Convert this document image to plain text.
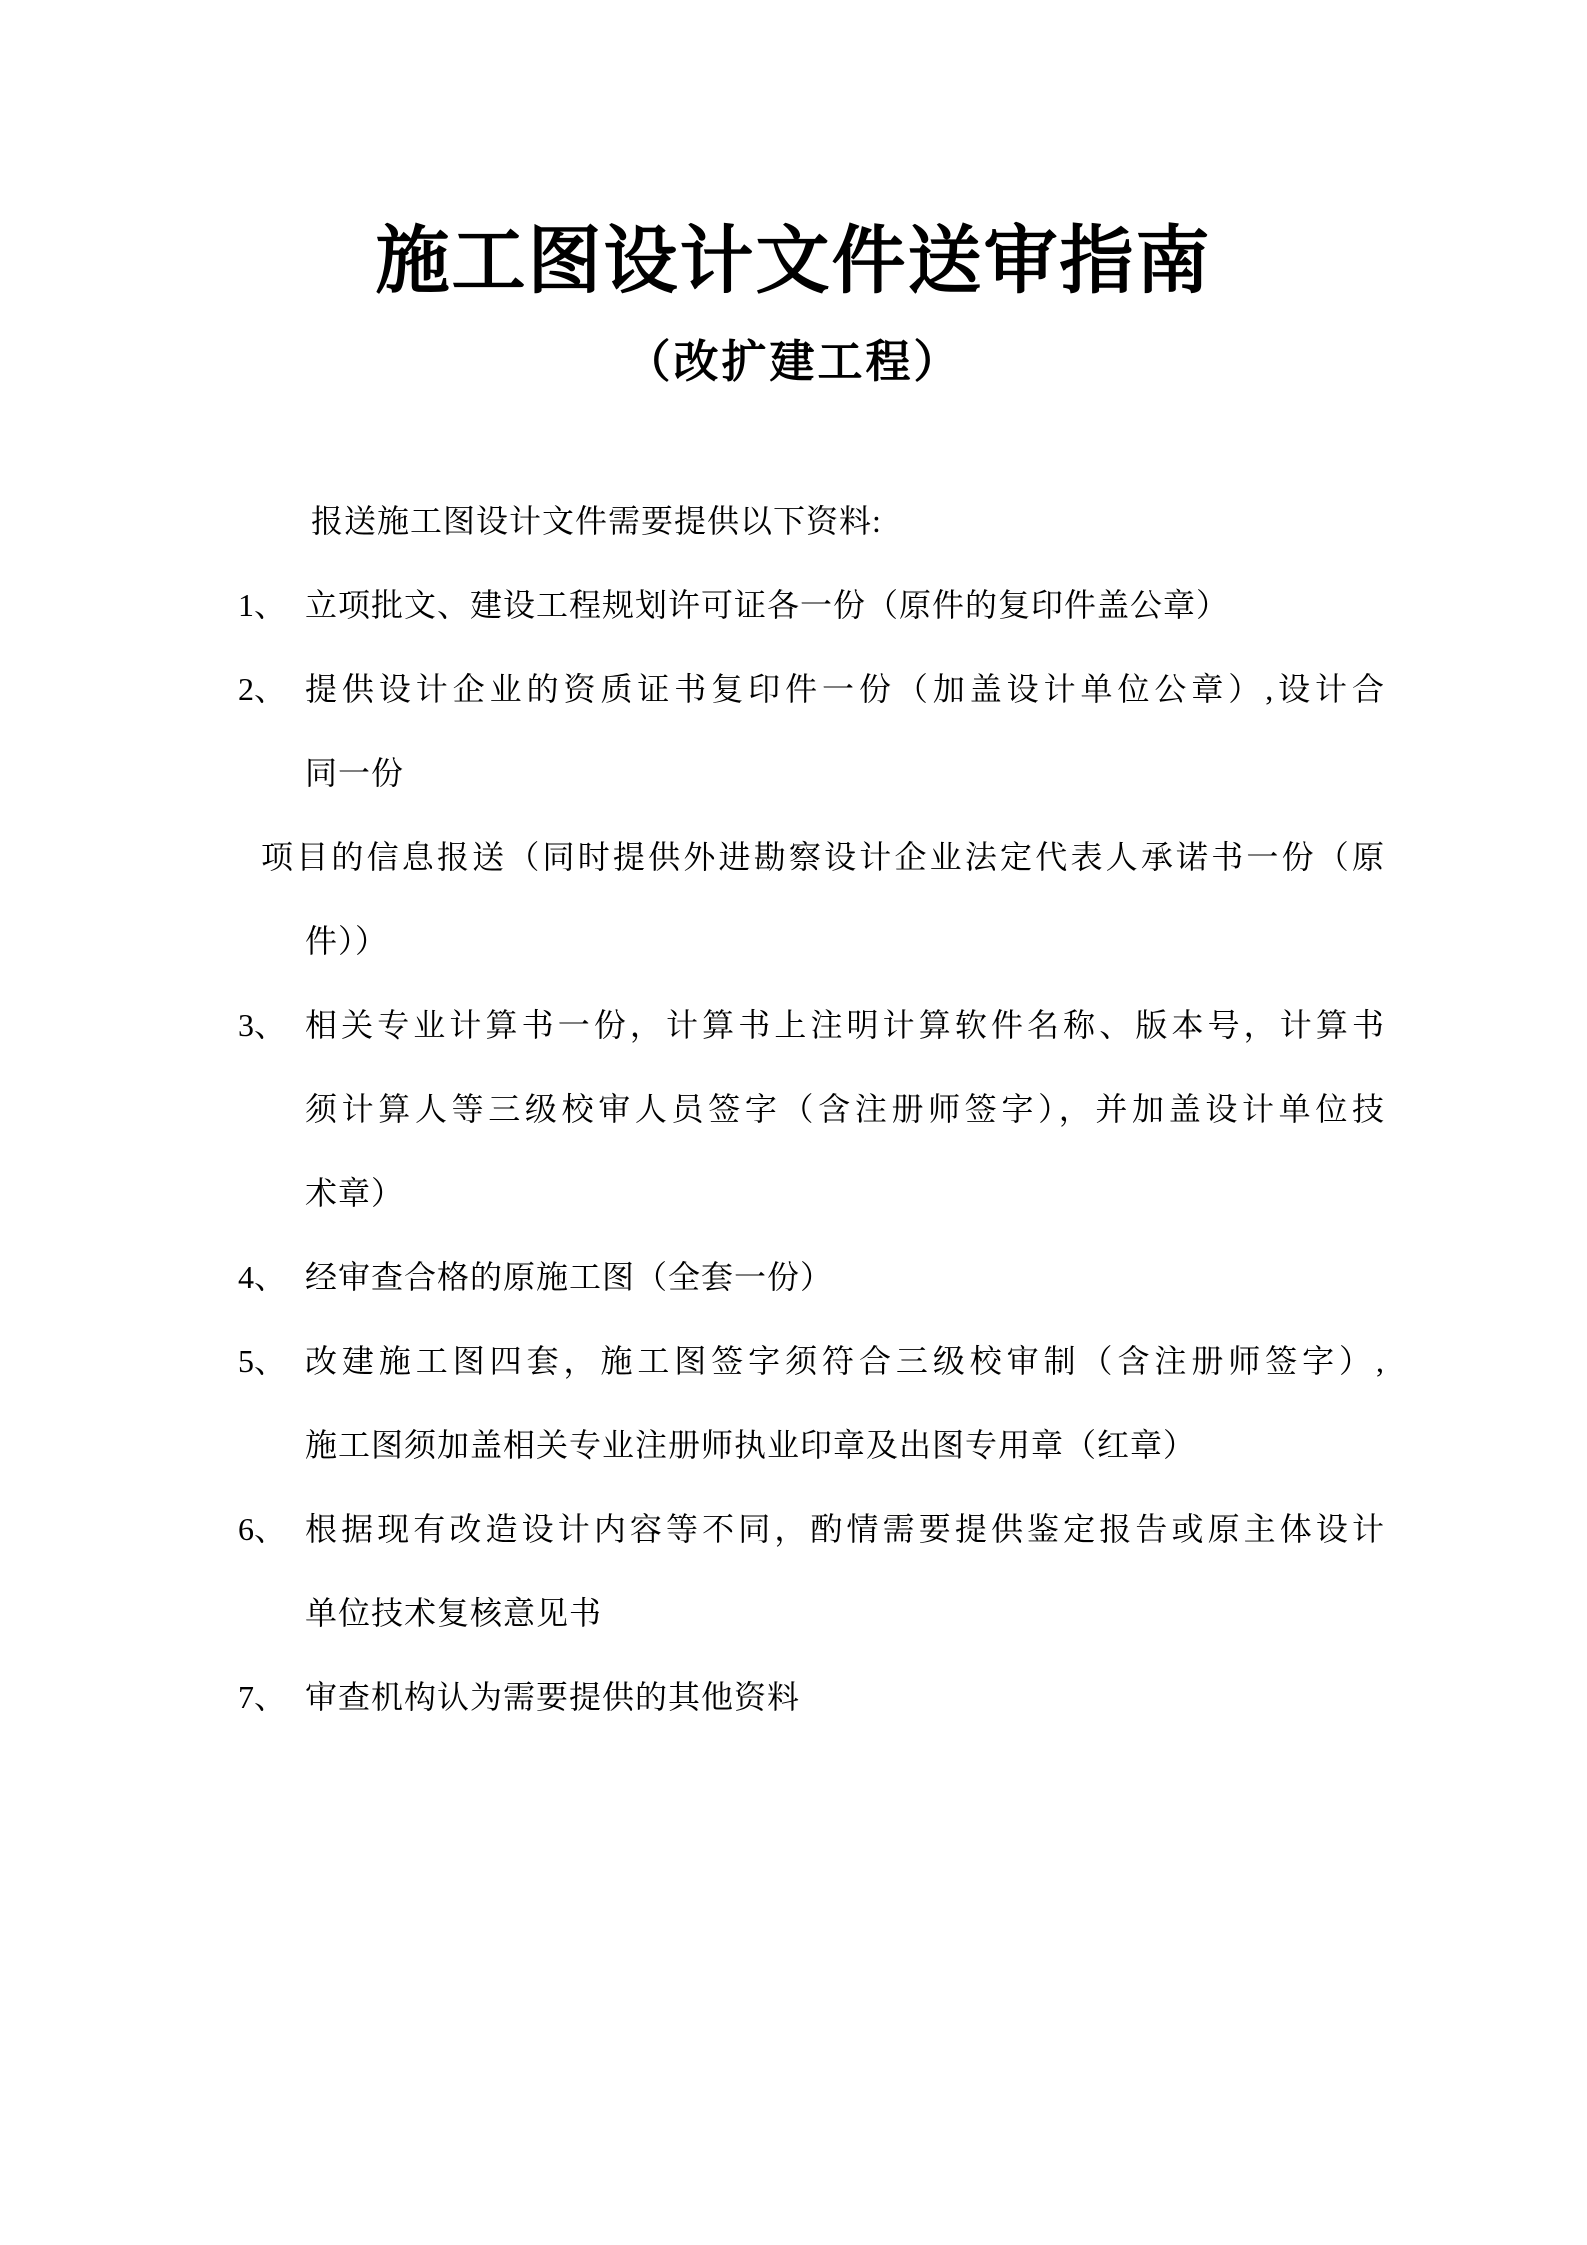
施工图设计文件送审指南
（改扩建工程）
报送施工图设计文件需要提供以下资料:
1、 立项批文、建设工程规划许可证各一份（原件的复印件盖公章）
2、 提供设计企业的资质证书复印件一份（加盖设计单位公章）,设计合
同一份
项目的信息报送（同时提供外进勘察设计企业法定代表人承诺书一份（原
件））
3、 相关专业计算书一份，计算书上注明计算软件名称、版本号，计算书
须计算人等三级校审人员签字（含注册师签字），并加盖设计单位技
术章）
4、 经审查合格的原施工图（全套一份）
5、 改建施工图四套，施工图签字须符合三级校审制（含注册师签字）,
施工图须加盖相关专业注册师执业印章及出图专用章（红章）
6、 根据现有改造设计内容等不同，酌情需要提供鉴定报告或原主体设计
单位技术复核意见书
7、 审查机构认为需要提供的其他资料
